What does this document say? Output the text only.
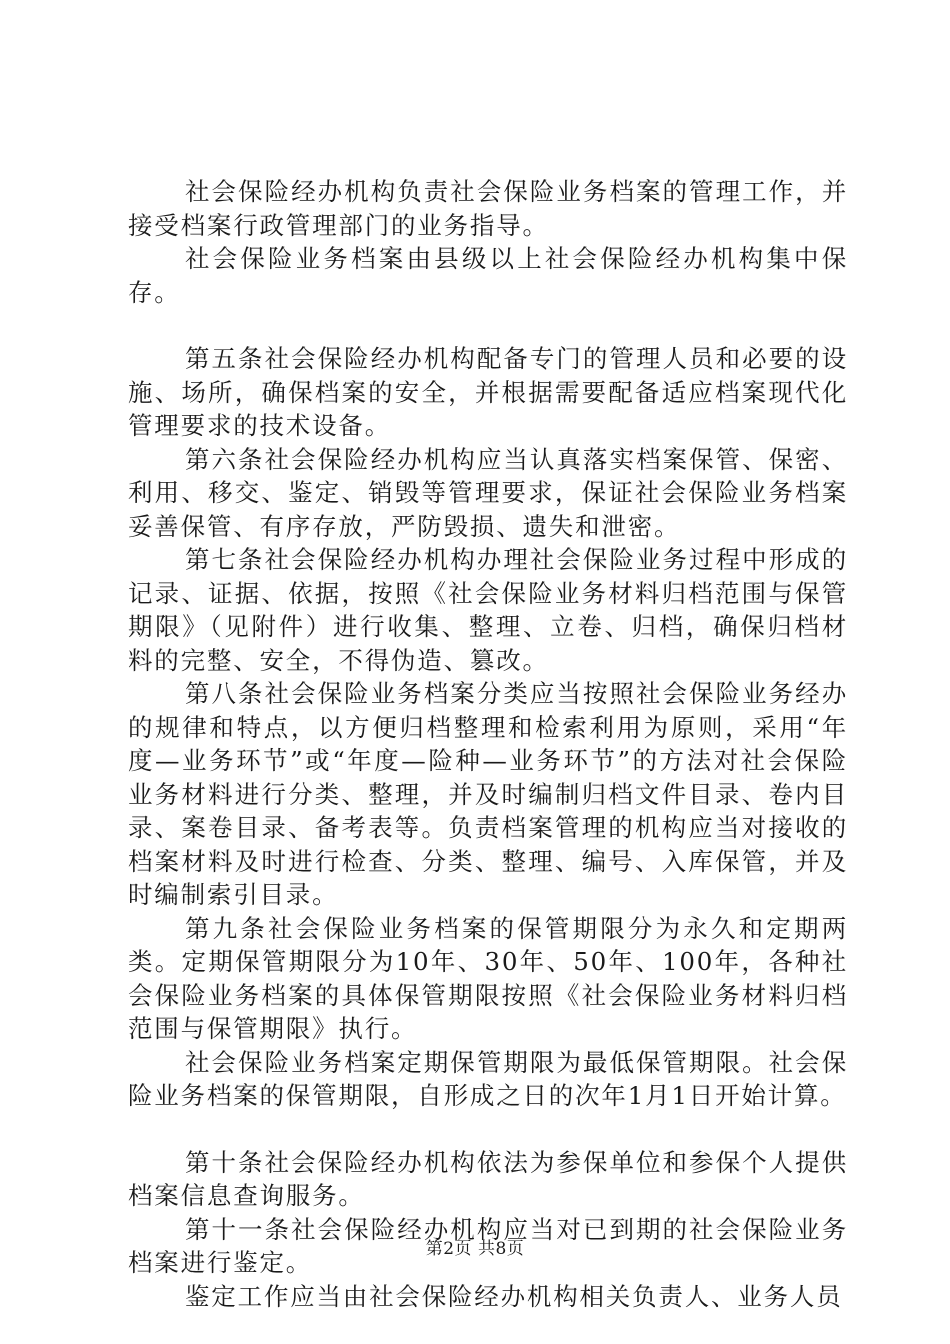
社会保险经办机构负责社会保险业务档案的管理工作，并接受档案行政管理部门的业务指导。

社会保险业务档案由县级以上社会保险经办机构集中保存。

第五条社会保险经办机构配备专门的管理人员和必要的设施、场所，确保档案的安全，并根据需要配备适应档案现代化管理要求的技术设备。

第六条社会保险经办机构应当认真落实档案保管、保密、利用、移交、鉴定、销毁等管理要求，保证社会保险业务档案妥善保管、有序存放，严防毁损、遗失和泄密。

第七条社会保险经办机构办理社会保险业务过程中形成的记录、证据、依据，按照《社会保险业务材料归档范围与保管期限》（见附件）进行收集、整理、立卷、归档，确保归档材料的完整、安全，不得伪造、篡改。

第八条社会保险业务档案分类应当按照社会保险业务经办的规律和特点，以方便归档整理和检索利用为原则，采用“年度—业务环节”或“年度—险种—业务环节”的方法对社会保险业务材料进行分类、整理，并及时编制归档文件目录、卷内目录、案卷目录、备考表等。负责档案管理的机构应当对接收的档案材料及时进行检查、分类、整理、编号、入库保管，并及时编制索引目录。

第九条社会保险业务档案的保管期限分为永久和定期两类。定期保管期限分为10年、30年、50年、100年，各种社会保险业务档案的具体保管期限按照《社会保险业务材料归档范围与保管期限》执行。

社会保险业务档案定期保管期限为最低保管期限。社会保险业务档案的保管期限，自形成之日的次年1月1日开始计算。

第十条社会保险经办机构依法为参保单位和参保个人提供档案信息查询服务。

第十一条社会保险经办机构应当对已到期的社会保险业务档案进行鉴定。

鉴定工作应当由社会保险经办机构相关负责人、业务人员

第2页 共8页
